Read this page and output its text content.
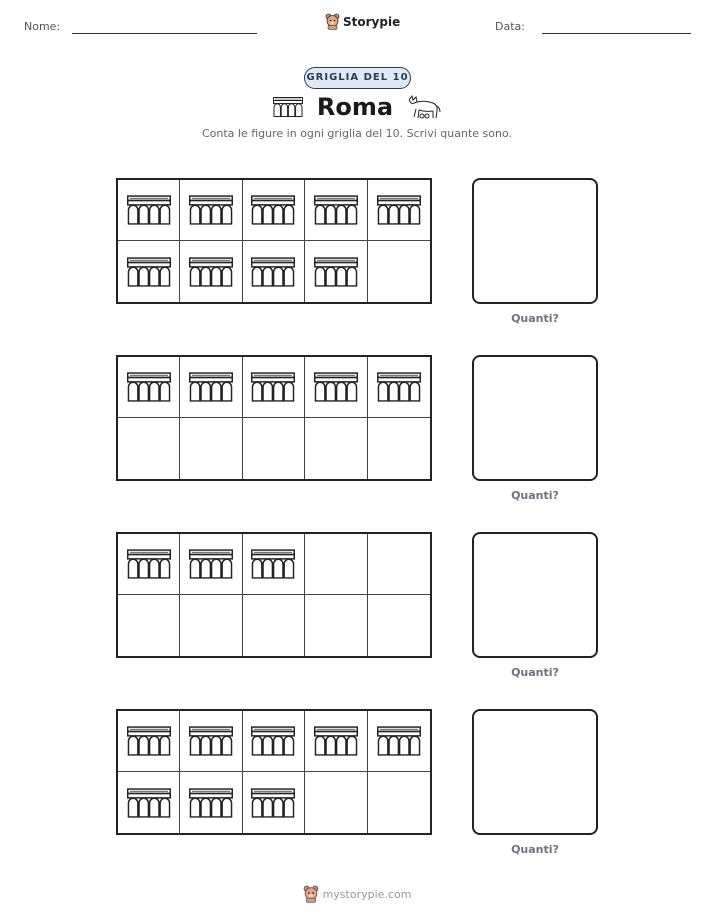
Nome:	Storypie	Data:
GRIGLIA DEL 10
Roma
Conta le figure in ogni griglia del 10. Scrivi quante sono.
Quanti?
Quanti?
Quanti?
Quanti?
mystorypie.com
